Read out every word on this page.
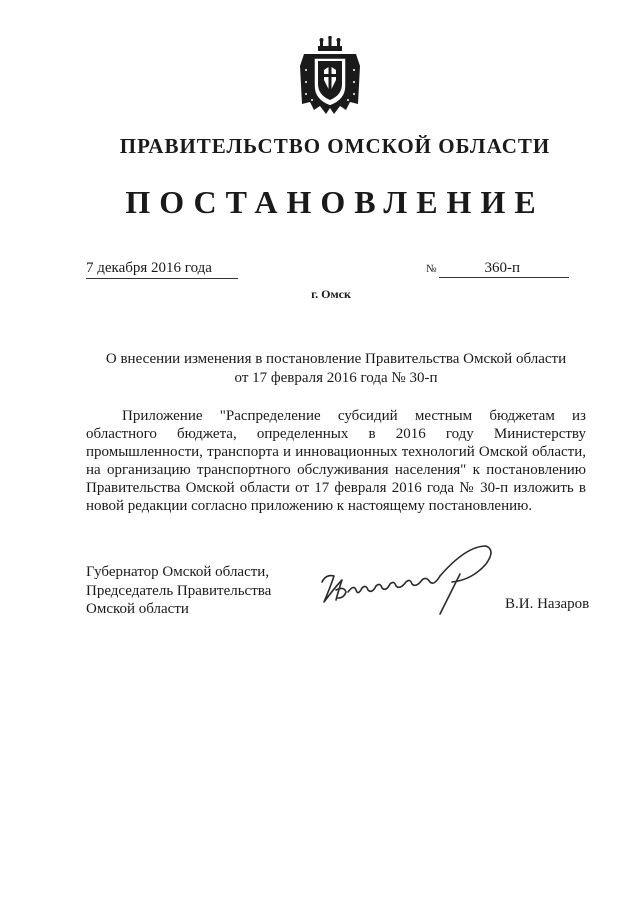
ПРАВИТЕЛЬСТВО ОМСКОЙ ОБЛАСТИ
ПОСТАНОВЛЕНИЕ
7 декабря 2016 года	№	360-п
г. Омск
О внесении изменения в постановление Правительства Омской области
от 17 февраля 2016 года № 30-п

Приложение "Распределение субсидий местным бюджетам из областного бюджета, определенных в 2016 году Министерству промышленности, транспорта и инновационных технологий Омской области, на организацию транспортного обслуживания населения" к постановлению Правительства Омской области от 17 февраля 2016 года № 30-п изложить в новой редакции согласно приложению к настоящему постановлению.

Губернатор Омской области,
Председатель Правительства
Омской области	В.И. Назаров
